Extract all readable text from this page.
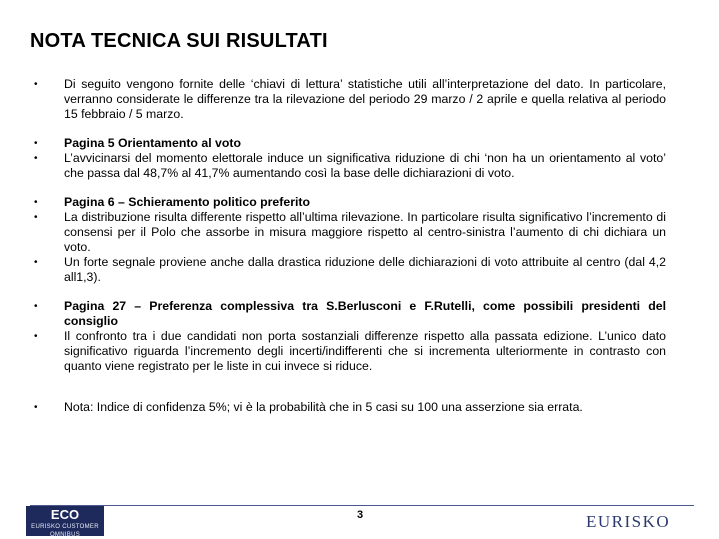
NOTA TECNICA SUI RISULTATI
•	Di seguito vengono fornite delle ‘chiavi di lettura’ statistiche utili all’interpretazione del dato. In particolare, verranno considerate le differenze tra la rilevazione del periodo 29 marzo / 2 aprile e quella relativa al periodo 15 febbraio / 5 marzo.
•	Pagina 5 Orientamento al voto
•	L’avvicinarsi del momento elettorale induce un significativa riduzione di chi ‘non ha un orientamento al voto’ che passa dal 48,7% al 41,7% aumentando così la base delle dichiarazioni di voto.
•	Pagina 6 – Schieramento politico preferito
•	La distribuzione risulta differente rispetto all’ultima rilevazione. In particolare risulta significativo l’incremento di consensi per il Polo che assorbe in misura maggiore rispetto al centro-sinistra l’aumento di chi dichiara un voto.
•	Un forte segnale proviene anche dalla drastica riduzione delle dichiarazioni di voto attribuite al centro (dal 4,2 all1,3).
•	Pagina 27 – Preferenza complessiva tra S.Berlusconi e F.Rutelli, come possibili presidenti del consiglio
•	Il confronto tra i due candidati non porta sostanziali differenze rispetto alla passata edizione. L’unico dato significativo riguarda l’incremento degli incerti/indifferenti che si incrementa ulteriormente in contrasto con quanto viene registrato per le liste in cui invece si riduce.
•	Nota: Indice di confidenza 5%; vi è la probabilità che in 5 casi su 100 una asserzione sia errata.
ECO
EURISKO CUSTOMER OMNIBUS
3	EURISKO
